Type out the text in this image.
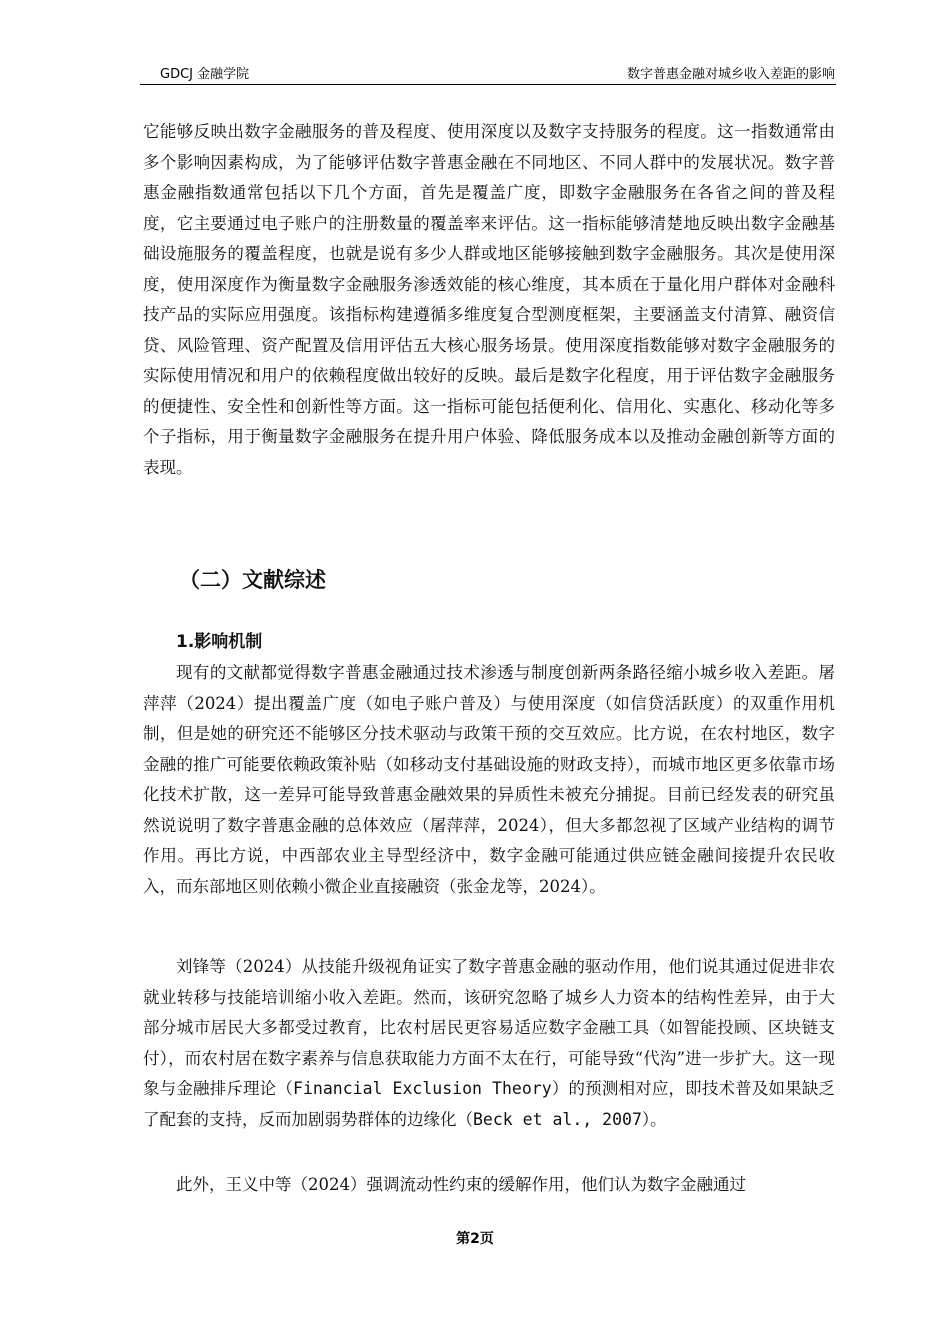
GDCJ 金融学院	数字普惠金融对城乡收入差距的影响

它能够反映出数字金融服务的普及程度、使用深度以及数字支持服务的程度。这一指数通常由多个影响因素构成，为了能够评估数字普惠金融在不同地区、不同人群中的发展状况。数字普惠金融指数通常包括以下几个方面，首先是覆盖广度，即数字金融服务在各省之间的普及程度，它主要通过电子账户的注册数量的覆盖率来评估。这一指标能够清楚地反映出数字金融基础设施服务的覆盖程度，也就是说有多少人群或地区能够接触到数字金融服务。其次是使用深度，使用深度作为衡量数字金融服务渗透效能的核心维度，其本质在于量化用户群体对金融科技产品的实际应用强度。该指标构建遵循多维度复合型测度框架，主要涵盖支付清算、融资信贷、风险管理、资产配置及信用评估五大核心服务场景。使用深度指数能够对数字金融服务的实际使用情况和用户的依赖程度做出较好的反映。最后是数字化程度，用于评估数字金融服务的便捷性、安全性和创新性等方面。这一指标可能包括便利化、信用化、实惠化、移动化等多个子指标，用于衡量数字金融服务在提升用户体验、降低服务成本以及推动金融创新等方面的表现。

（二）文献综述
1.影响机制

现有的文献都觉得数字普惠金融通过技术渗透与制度创新两条路径缩小城乡收入差距。屠萍萍（2024）提出覆盖广度（如电子账户普及）与使用深度（如信贷活跃度）的双重作用机制，但是她的研究还不能够区分技术驱动与政策干预的交互效应。比方说，在农村地区，数字金融的推广可能要依赖政策补贴（如移动支付基础设施的财政支持），而城市地区更多依靠市场化技术扩散，这一差异可能导致普惠金融效果的异质性未被充分捕捉。目前已经发表的研究虽然说说明了数字普惠金融的总体效应（屠萍萍，2024），但大多都忽视了区域产业结构的调节作用。再比方说，中西部农业主导型经济中，数字金融可能通过供应链金融间接提升农民收入，而东部地区则依赖小微企业直接融资（张金龙等，2024）。

刘锋等（2024）从技能升级视角证实了数字普惠金融的驱动作用，他们说其通过促进非农就业转移与技能培训缩小收入差距。然而，该研究忽略了城乡人力资本的结构性差异，由于大部分城市居民大多都受过教育，比农村居民更容易适应数字金融工具（如智能投顾、区块链支付），而农村居在数字素养与信息获取能力方面不太在行，可能导致“代沟”进一步扩大。这一现象与金融排斥理论（Financial Exclusion Theory）的预测相对应，即技术普及如果缺乏了配套的支持，反而加剧弱势群体的边缘化（Beck et al., 2007）。

此外，王义中等（2024）强调流动性约束的缓解作用，他们认为数字金融通过

第2页
